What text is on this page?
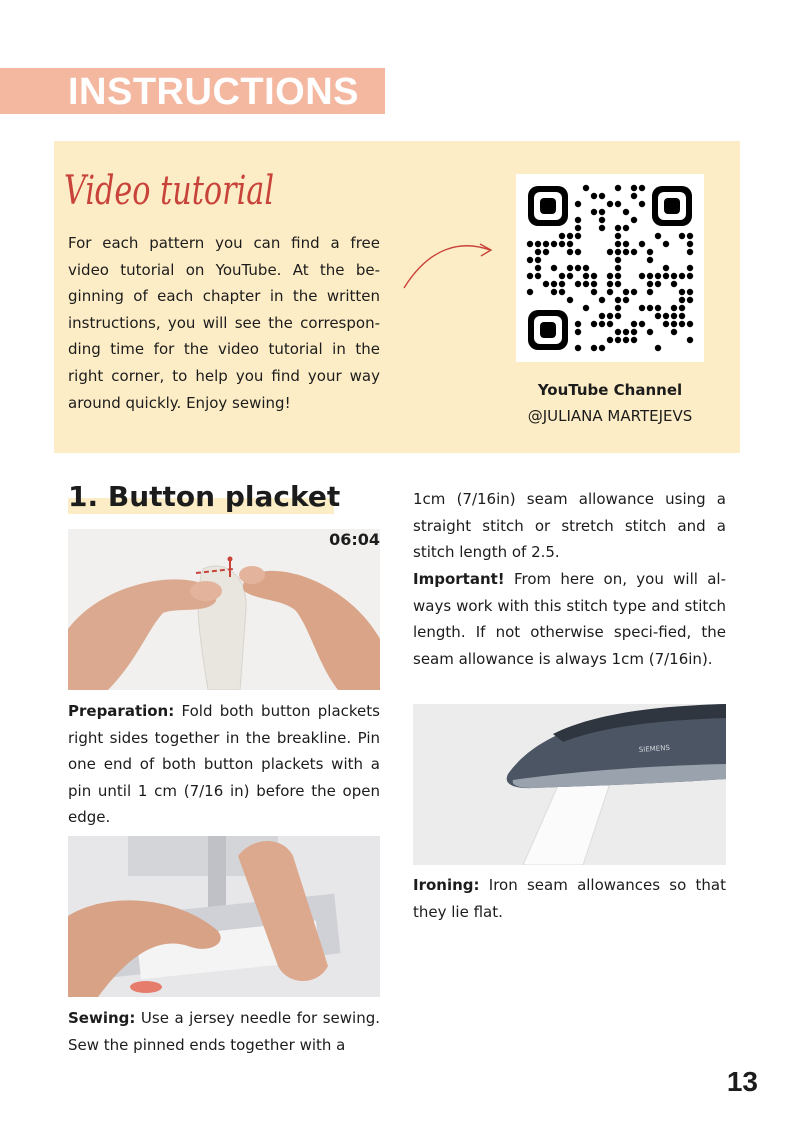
INSTRUCTIONS
Video tutorial

For each pattern you can find a free video tutorial on YouTube. At the be-ginning of each chapter in the written instructions, you will see the correspon-ding time for the video tutorial in the right corner, to help you find your way around quickly. Enjoy sewing!

YouTube Channel

@JULIANA MARTEJEVS

1. Button placket

06:04

Preparation: Fold both button plackets right sides together in the breakline. Pin one end of both button plackets with a pin until 1 cm (7/16 in) before the open edge.

Sewing: Use a jersey needle for sewing. Sew the pinned ends together with a

1cm (7/16in) seam allowance using a straight stitch or stretch stitch and a stitch length of 2.5.

Important! From here on, you will al-ways work with this stitch type and stitch length. If not otherwise speci-fied, the seam allowance is always 1cm (7/16in).

SIEMENS

Ironing: Iron seam allowances so that they lie flat.

13
